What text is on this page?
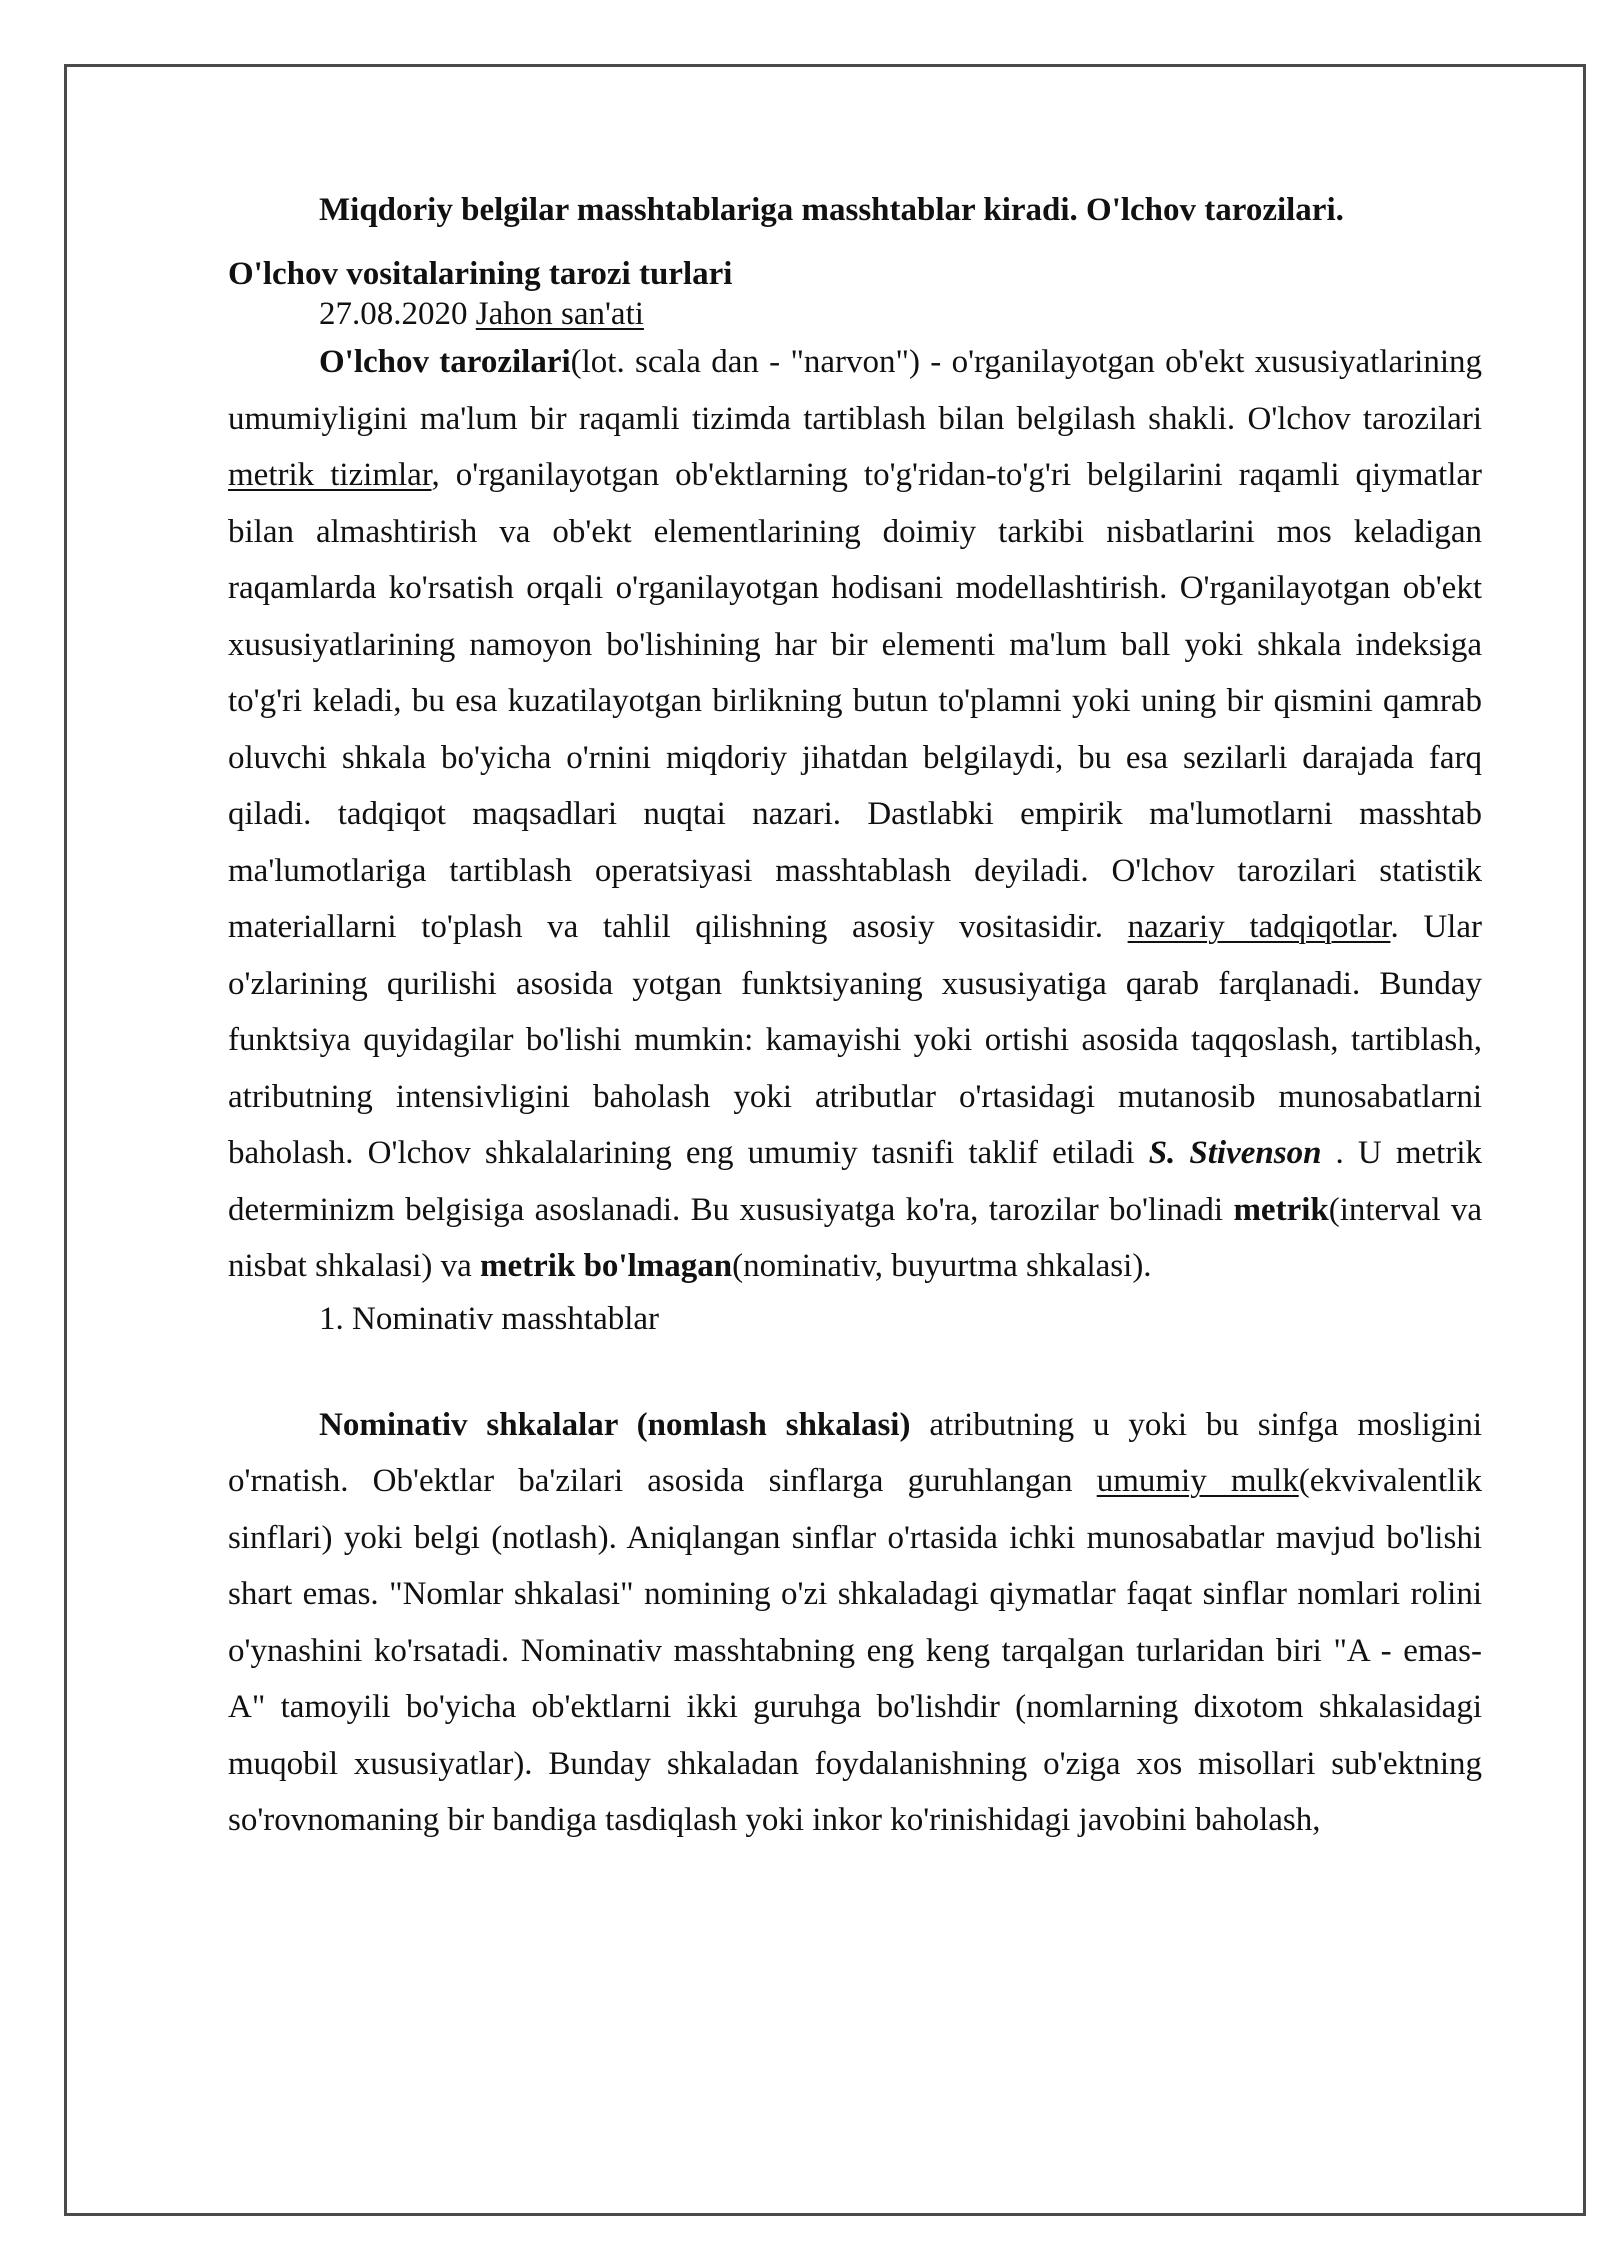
Miqdoriy belgilar masshtablariga masshtablar kiradi. O'lchov tarozilari.

O'lchov vositalarining tarozi turlari

27.08.2020 Jahon san'ati

O'lchov tarozilari(lot. scala dan - "narvon") - o'rganilayotgan ob'ekt xususiyatlarining umumiyligini ma'lum bir raqamli tizimda tartiblash bilan belgilash shakli. O'lchov tarozilari metrik tizimlar, o'rganilayotgan ob'ektlarning to'g'ridan-to'g'ri belgilarini raqamli qiymatlar bilan almashtirish va ob'ekt elementlarining doimiy tarkibi nisbatlarini mos keladigan raqamlarda ko'rsatish orqali o'rganilayotgan hodisani modellashtirish. O'rganilayotgan ob'ekt xususiyatlarining namoyon bo'lishining har bir elementi ma'lum ball yoki shkala indeksiga to'g'ri keladi, bu esa kuzatilayotgan birlikning butun to'plamni yoki uning bir qismini qamrab oluvchi shkala bo'yicha o'rnini miqdoriy jihatdan belgilaydi, bu esa sezilarli darajada farq qiladi. tadqiqot maqsadlari nuqtai nazari. Dastlabki empirik ma'lumotlarni masshtab ma'lumotlariga tartiblash operatsiyasi masshtablash deyiladi. O'lchov tarozilari statistik materiallarni to'plash va tahlil qilishning asosiy vositasidir. nazariy tadqiqotlar. Ular o'zlarining qurilishi asosida yotgan funktsiyaning xususiyatiga qarab farqlanadi. Bunday funktsiya quyidagilar bo'lishi mumkin: kamayishi yoki ortishi asosida taqqoslash, tartiblash, atributning intensivligini baholash yoki atributlar o'rtasidagi mutanosib munosabatlarni baholash. O'lchov shkalalarining eng umumiy tasnifi taklif etiladi S. Stivenson . U metrik determinizm belgisiga asoslanadi. Bu xususiyatga ko'ra, tarozilar bo'linadi metrik(interval va nisbat shkalasi) va metrik bo'lmagan(nominativ, buyurtma shkalasi).

1. Nominativ masshtablar

Nominativ shkalalar (nomlash shkalasi) atributning u yoki bu sinfga mosligini o'rnatish. Ob'ektlar ba'zilari asosida sinflarga guruhlangan umumiy mulk(ekvivalentlik sinflari) yoki belgi (notlash). Aniqlangan sinflar o'rtasida ichki munosabatlar mavjud bo'lishi shart emas. "Nomlar shkalasi" nomining o'zi shkaladagi qiymatlar faqat sinflar nomlari rolini o'ynashini ko'rsatadi. Nominativ masshtabning eng keng tarqalgan turlaridan biri "A - emas-A" tamoyili bo'yicha ob'ektlarni ikki guruhga bo'lishdir (nomlarning dixotom shkalasidagi muqobil xususiyatlar). Bunday shkaladan foydalanishning o'ziga xos misollari sub'ektning so'rovnomaning bir bandiga tasdiqlash yoki inkor ko'rinishidagi javobini baholash,
